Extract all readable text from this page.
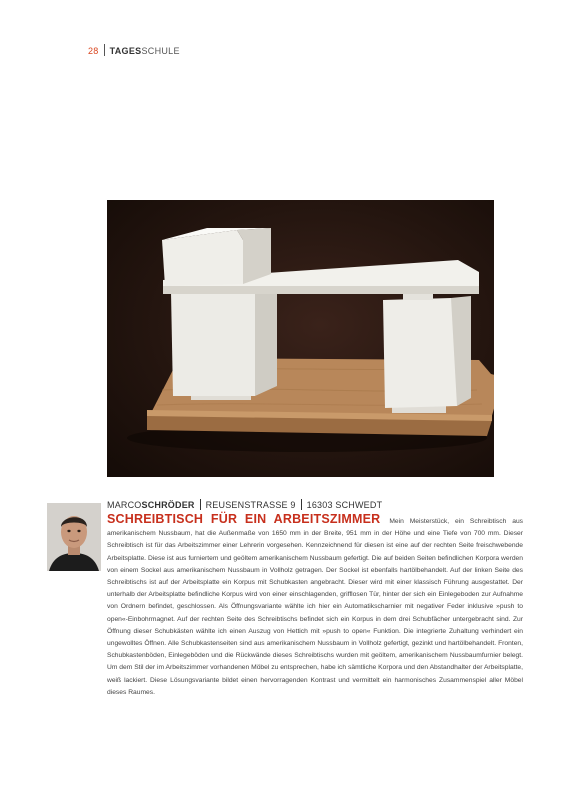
28 TAGESSCHULE
MARCOSCHRÖDER REUSENSTRASSE 9 16303 SCHWEDT
SCHREIBTISCH FÜR EIN ARBEITSZIMMER Mein Meisterstück, ein Schreibtisch aus amerikanischem Nussbaum, hat die Außenmaße von 1650 mm in der Breite, 951 mm in der Höhe und eine Tiefe von 700 mm. Dieser Schreibtisch ist für das Arbeitszimmer einer Lehrerin vorgesehen. Kennzeichnend für diesen ist eine auf der rechten Seite freischwebende Arbeitsplatte. Diese ist aus furniertem und geöltem amerikanischem Nussbaum gefertigt. Die auf beiden Seiten befindlichen Korpora werden von einem Sockel aus amerikanischem Nussbaum in Vollholz getragen. Der Sockel ist ebenfalls hartölbehandelt. Auf der linken Seite des Schreibtischs ist auf der Arbeitsplatte ein Korpus mit Schubkasten angebracht. Dieser wird mit einer klassisch Führung ausgestattet. Der unterhalb der Arbeitsplatte befindliche Korpus wird von einer einschlagenden, grifflosen Tür, hinter der sich ein Einlegeboden zur Aufnahme von Ordnern befindet, geschlossen. Als Öffnungsvariante wählte ich hier ein Automatikscharnier mit negativer Feder inklusive »push to open«-Einbohrmagnet. Auf der rechten Seite des Schreibtischs befindet sich ein Korpus in dem drei Schubfächer untergebracht sind. Zur Öffnung dieser Schubkästen wählte ich einen Auszug von Hettich mit »push to open« Funktion. Die integrierte Zuhaltung verhindert ein ungewolltes Öffnen. Alle Schubkastenseiten sind aus amerikanischem Nussbaum in Vollholz gefertigt, gezinkt und hartölbehandelt. Fronten, Schubkastenböden, Einlegeböden und die Rückwände dieses Schreibtischs wurden mit geöltem, amerikanischem Nussbaumfurnier belegt. Um dem Stil der im Arbeitszimmer vorhandenen Möbel zu entsprechen, habe ich sämtliche Korpora und den Abstandhalter der Arbeitsplatte, weiß lackiert. Diese Lösungsvariante bildet einen hervorragenden Kontrast und vermittelt ein harmonisches Zusammenspiel aller Möbel dieses Raumes.
